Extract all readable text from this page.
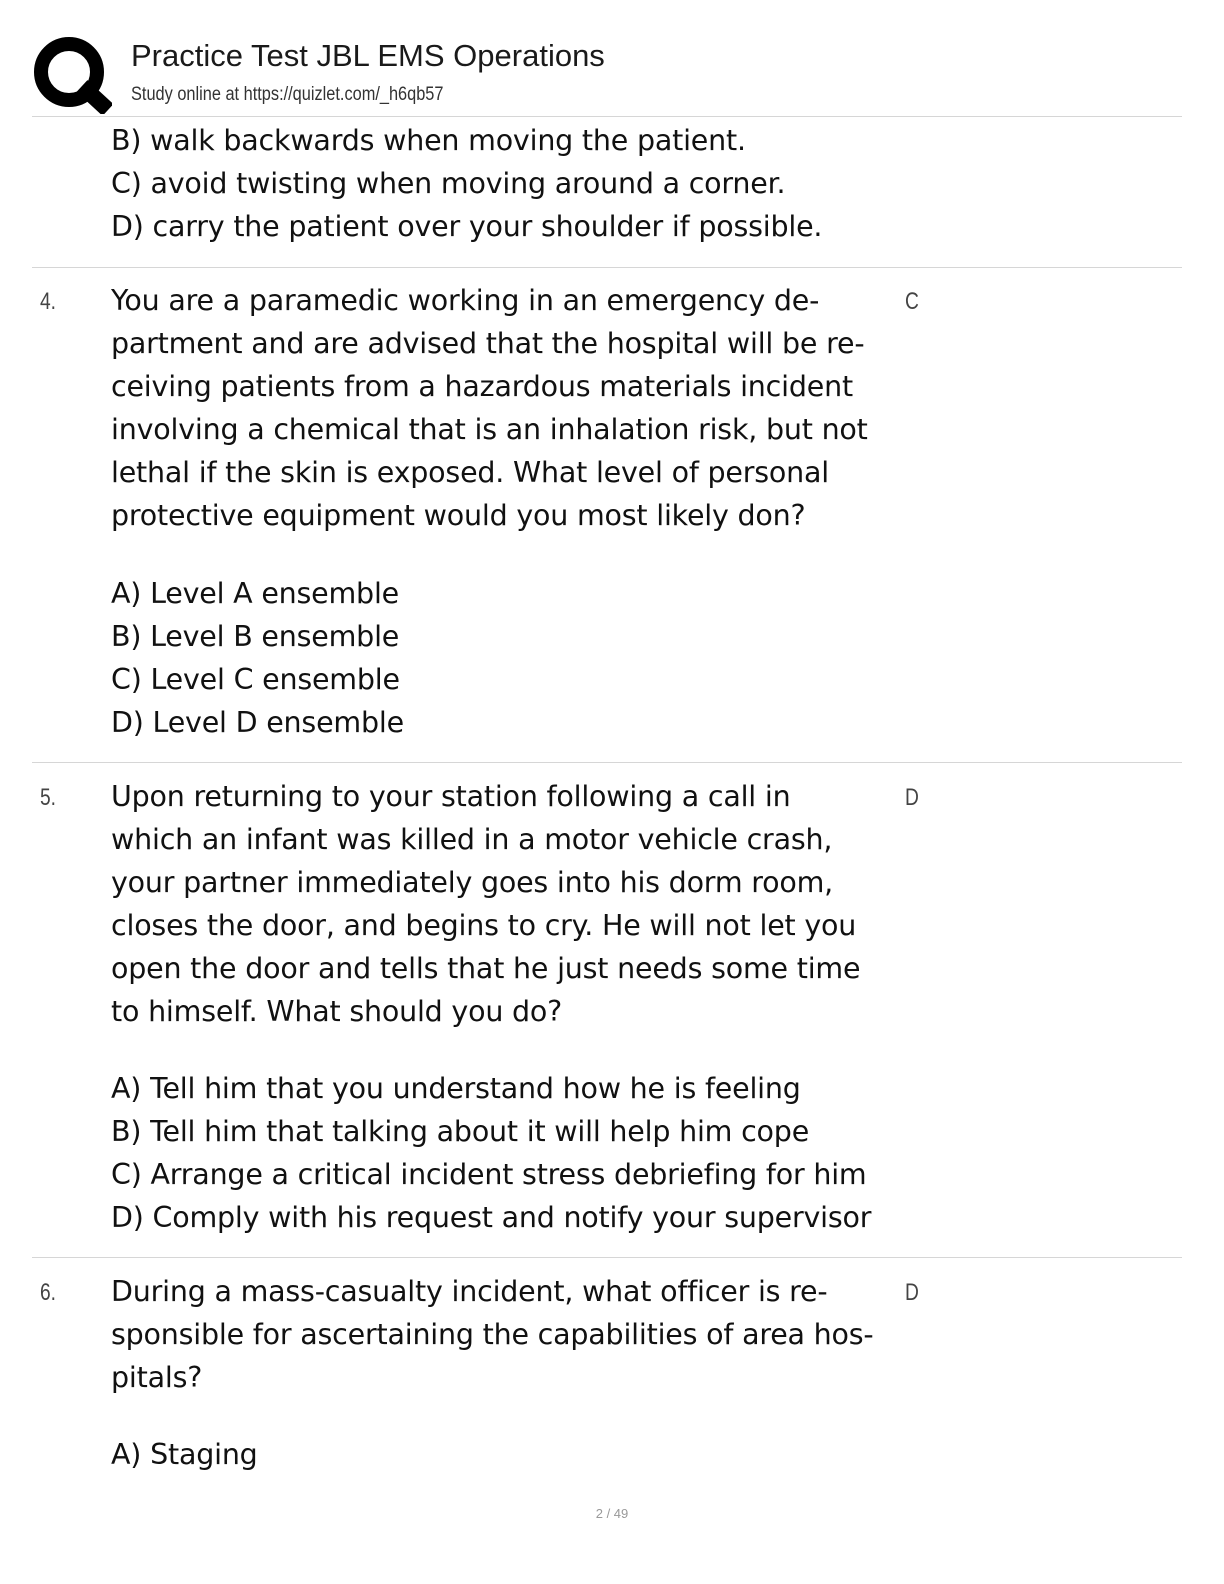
Practice Test JBL EMS Operations
Study online at https://quizlet.com/_h6qb57
B) walk backwards when moving the patient.
C) avoid twisting when moving around a corner.
D) carry the patient over your shoulder if possible.
4.	C
You are a paramedic working in an emergency de-
partment and are advised that the hospital will be re-
ceiving patients from a hazardous materials incident
involving a chemical that is an inhalation risk, but not
lethal if the skin is exposed. What level of personal
protective equipment would you most likely don?
A) Level A ensemble
B) Level B ensemble
C) Level C ensemble
D) Level D ensemble
5.	D
Upon returning to your station following a call in
which an infant was killed in a motor vehicle crash,
your partner immediately goes into his dorm room,
closes the door, and begins to cry. He will not let you
open the door and tells that he just needs some time
to himself. What should you do?
A) Tell him that you understand how he is feeling
B) Tell him that talking about it will help him cope
C) Arrange a critical incident stress debriefing for him
D) Comply with his request and notify your supervisor
6.	D
During a mass-casualty incident, what officer is re-
sponsible for ascertaining the capabilities of area hos-
pitals?
A) Staging
2 / 49
